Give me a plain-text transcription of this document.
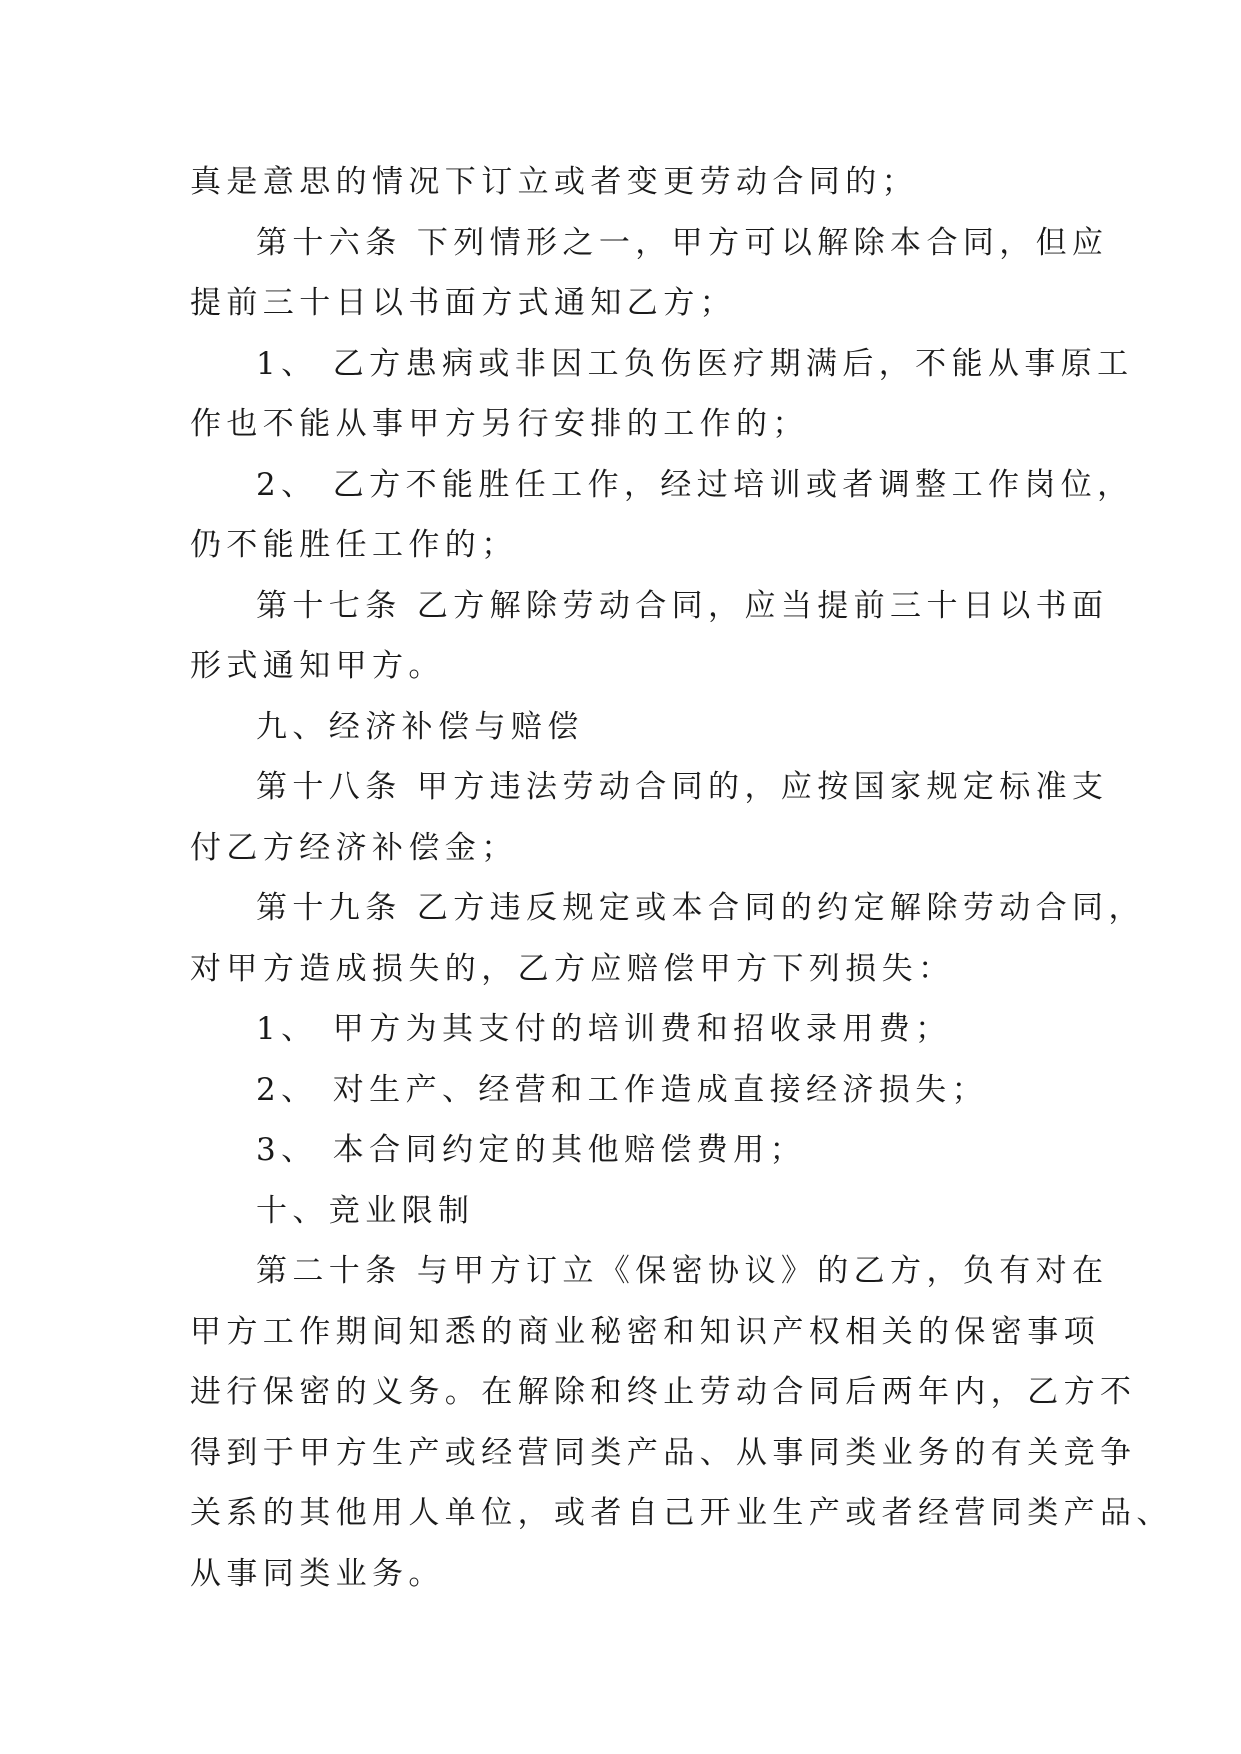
真是意思的情况下订立或者变更劳动合同的；
第十六条 下列情形之一，甲方可以解除本合同，但应
提前三十日以书面方式通知乙方；
1、 乙方患病或非因工负伤医疗期满后，不能从事原工
作也不能从事甲方另行安排的工作的；
2、 乙方不能胜任工作，经过培训或者调整工作岗位，
仍不能胜任工作的；
第十七条 乙方解除劳动合同，应当提前三十日以书面
形式通知甲方。
九、经济补偿与赔偿
第十八条 甲方违法劳动合同的，应按国家规定标准支
付乙方经济补偿金；
第十九条 乙方违反规定或本合同的约定解除劳动合同，
对甲方造成损失的，乙方应赔偿甲方下列损失：
1、 甲方为其支付的培训费和招收录用费；
2、 对生产、经营和工作造成直接经济损失；
3、 本合同约定的其他赔偿费用；
十、竞业限制
第二十条 与甲方订立《保密协议》的乙方，负有对在
甲方工作期间知悉的商业秘密和知识产权相关的保密事项
进行保密的义务。在解除和终止劳动合同后两年内，乙方不
得到于甲方生产或经营同类产品、从事同类业务的有关竞争
关系的其他用人单位，或者自己开业生产或者经营同类产品、
从事同类业务。
